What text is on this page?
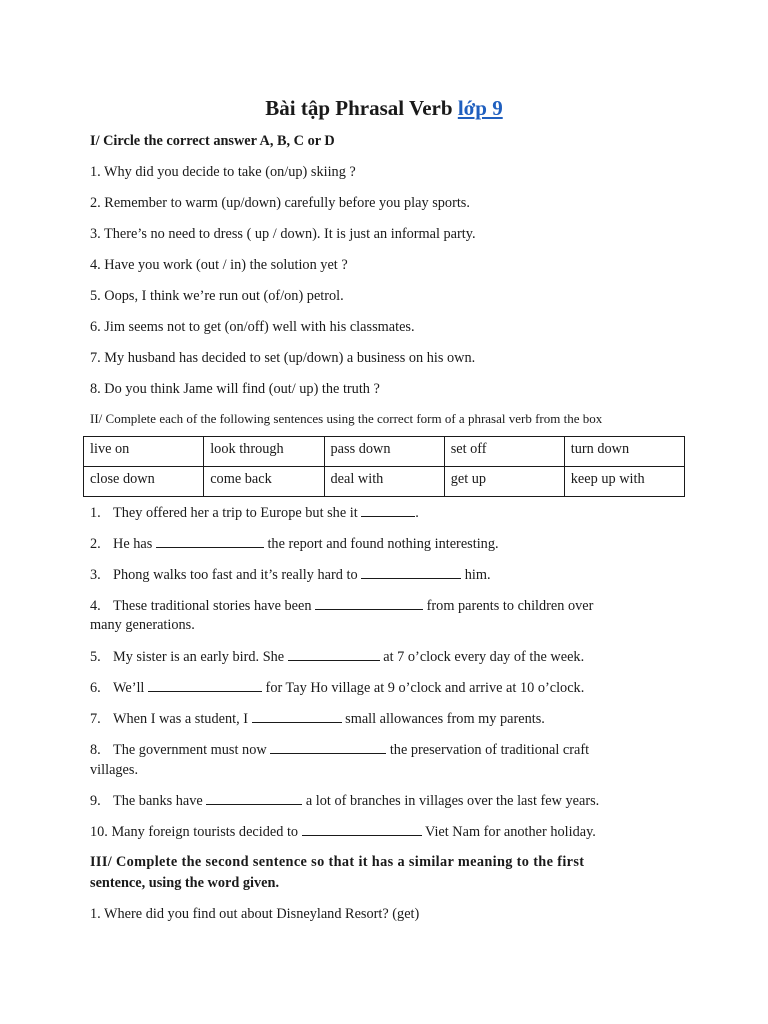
Bài tập Phrasal Verb lớp 9
I/ Circle the correct answer A, B, C or D
1. Why did you decide to take (on/up) skiing ?
2. Remember to warm (up/down) carefully before you play sports.
3. There’s no need to dress ( up / down). It is just an informal party.
4. Have you work (out / in) the solution yet ?
5. Oops, I think we’re run out (of/on) petrol.
6. Jim seems not to get (on/off) well with his classmates.
7. My husband has decided to set (up/down) a business on his own.
8. Do you think Jame will find (out/ up) the truth ?
II/ Complete each of the following sentences using the correct form of a phrasal verb from the box
live on	look through	pass down	set off	turn down
close down	come back	deal with	get up	keep up with
1. They offered her a trip to Europe but she it	.
2. He has	the report and found nothing interesting.
3. Phong walks too fast and it’s really hard to	him.
4. These traditional stories have been	from parents to children over
many generations.
5. My sister is an early bird. She	at 7 o’clock every day of the week.
6. We’ll	for Tay Ho village at 9 o’clock and arrive at 10 o’clock.
7. When I was a student, I	small allowances from my parents.
8. The government must now	the preservation of traditional craft
villages.
9. The banks have	a lot of branches in villages over the last few years.
10. Many foreign tourists decided to	Viet Nam for another holiday.
III/ Complete the second sentence so that it has a similar meaning to the first
sentence, using the word given.
1. Where did you find out about Disneyland Resort? (get)
